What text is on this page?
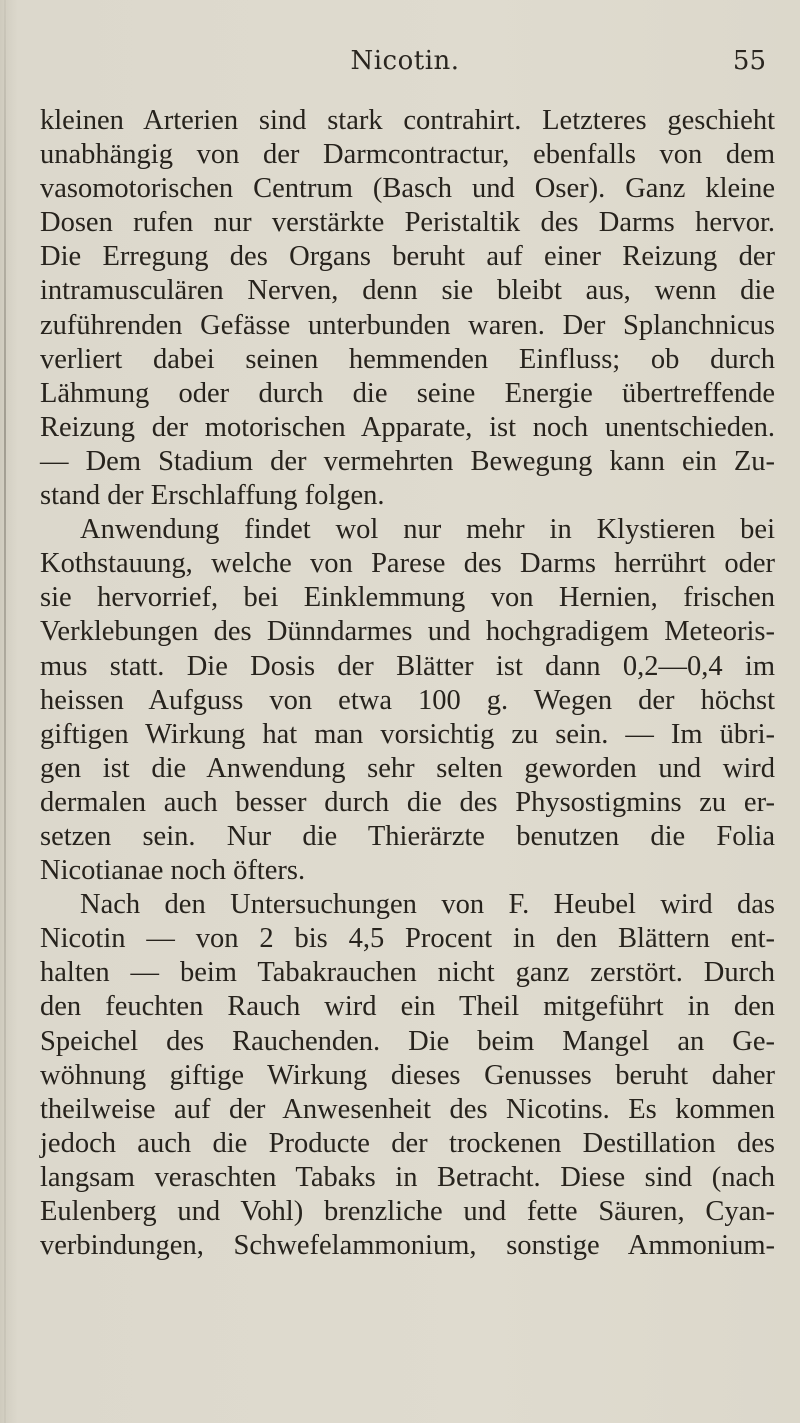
Nicotin.	55
kleinen Arterien sind stark contrahirt. Letzteres geschieht
unabhängig von der Darmcontractur, ebenfalls von dem
vasomotorischen Centrum (Basch und Oser). Ganz kleine
Dosen rufen nur verstärkte Peristaltik des Darms hervor.
Die Erregung des Organs beruht auf einer Reizung der
intramusculären Nerven, denn sie bleibt aus, wenn die
zuführenden Gefässe unterbunden waren. Der Splanchnicus
verliert dabei seinen hemmenden Einfluss; ob durch
Lähmung oder durch die seine Energie übertreffende
Reizung der motorischen Apparate, ist noch unentschieden.
— Dem Stadium der vermehrten Bewegung kann ein Zu-
stand der Erschlaffung folgen.
Anwendung findet wol nur mehr in Klystieren bei
Kothstauung, welche von Parese des Darms herrührt oder
sie hervorrief, bei Einklemmung von Hernien, frischen
Verklebungen des Dünndarmes und hochgradigem Meteoris-
mus statt. Die Dosis der Blätter ist dann 0,2—0,4 im
heissen Aufguss von etwa 100 g. Wegen der höchst
giftigen Wirkung hat man vorsichtig zu sein. — Im übri-
gen ist die Anwendung sehr selten geworden und wird
dermalen auch besser durch die des Physostigmins zu er-
setzen sein. Nur die Thierärzte benutzen die Folia
Nicotianae noch öfters.
Nach den Untersuchungen von F. Heubel wird das
Nicotin — von 2 bis 4,5 Procent in den Blättern ent-
halten — beim Tabakrauchen nicht ganz zerstört. Durch
den feuchten Rauch wird ein Theil mitgeführt in den
Speichel des Rauchenden. Die beim Mangel an Ge-
wöhnung giftige Wirkung dieses Genusses beruht daher
theilweise auf der Anwesenheit des Nicotins. Es kommen
jedoch auch die Producte der trockenen Destillation des
langsam veraschten Tabaks in Betracht. Diese sind (nach
Eulenberg und Vohl) brenzliche und fette Säuren, Cyan-
verbindungen, Schwefelammonium, sonstige Ammonium-
